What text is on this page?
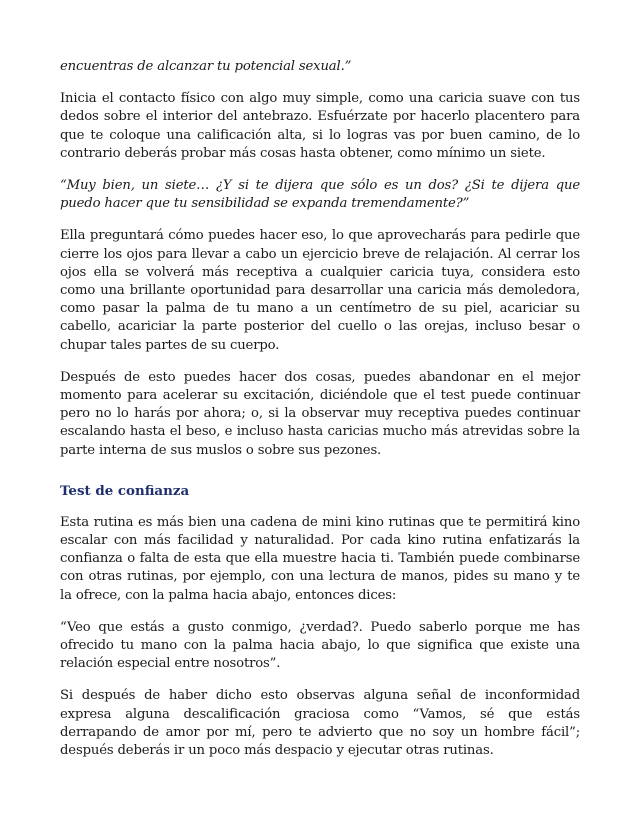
encuentras de alcanzar tu potencial sexual.”

Inicia el contacto físico con algo muy simple, como una caricia suave con tus dedos sobre el interior del antebrazo. Esfuérzate por hacerlo placentero para que te coloque una calificación alta, si lo logras vas por buen camino, de lo contrario deberás probar más cosas hasta obtener, como mínimo un siete.

“Muy bien, un siete… ¿Y si te dijera que sólo es un dos? ¿Si te dijera que puedo hacer que tu sensibilidad se expanda tremendamente?”

Ella preguntará cómo puedes hacer eso, lo que aprovecharás para pedirle que cierre los ojos para llevar a cabo un ejercicio breve de relajación. Al cerrar los ojos ella se volverá más receptiva a cualquier caricia tuya, considera esto como una brillante oportunidad para desarrollar una caricia más demoledora, como pasar la palma de tu mano a un centímetro de su piel, acariciar su cabello, acariciar la parte posterior del cuello o las orejas, incluso besar o chupar tales partes de su cuerpo.

Después de esto puedes hacer dos cosas, puedes abandonar en el mejor momento para acelerar su excitación, diciéndole que el test puede continuar pero no lo harás por ahora; o, si la observar muy receptiva puedes continuar escalando hasta el beso, e incluso hasta caricias mucho más atrevidas sobre la parte interna de sus muslos o sobre sus pezones.

Test de confianza

Esta rutina es más bien una cadena de mini kino rutinas que te permitirá kino escalar con más facilidad y naturalidad. Por cada kino rutina enfatizarás la confianza o falta de esta que ella muestre hacia ti. También puede combinarse con otras rutinas, por ejemplo, con una lectura de manos, pides su mano y te la ofrece, con la palma hacia abajo, entonces dices:

“Veo que estás a gusto conmigo, ¿verdad?. Puedo saberlo porque me has ofrecido tu mano con la palma hacia abajo, lo que significa que existe una relación especial entre nosotros”.

Si después de haber dicho esto observas alguna señal de inconformidad expresa alguna descalificación graciosa como “Vamos, sé que estás derrapando de amor por mí, pero te advierto que no soy un hombre fácil”; después deberás ir un poco más despacio y ejecutar otras rutinas.
